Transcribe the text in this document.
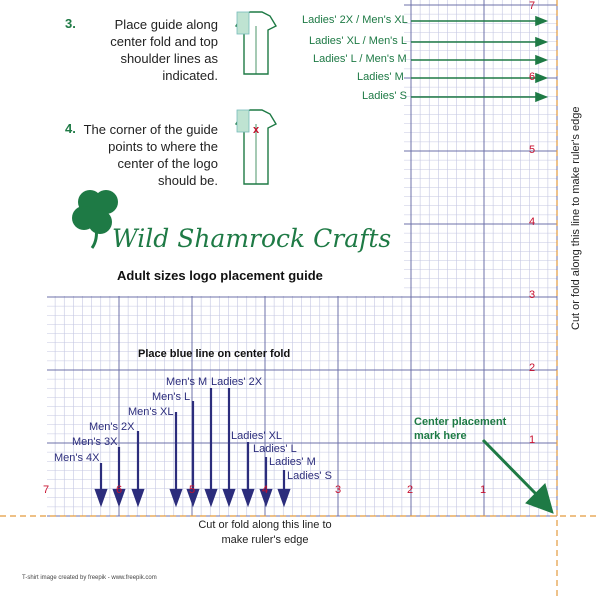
3.	Place guide along
center fold and top
shoulder lines as
indicated.
4. The corner of the guide
points to where the
center of the logo
should be.
x
Wild Shamrock Crafts
Adult sizes logo placement guide
Ladies' 2X / Men's XL
Ladies' XL / Men's L
Ladies' L / Men's M
Ladies' M
Ladies' S
Place blue line on center fold
Men's 4X
Men's 3X
Men's 2X
Men's XL
Men's L
Men's M Ladies' 2X
Ladies' XL
Ladies' L
Ladies' M
Ladies' S
7	6	5	4	3	2	1
1
2
3
4
5
6
7
Center placement
mark here
Cut or fold along this line to
make ruler's edge
Cut or fold along this line to make ruler's edge
T-shirt image created by freepik - www.freepik.com
